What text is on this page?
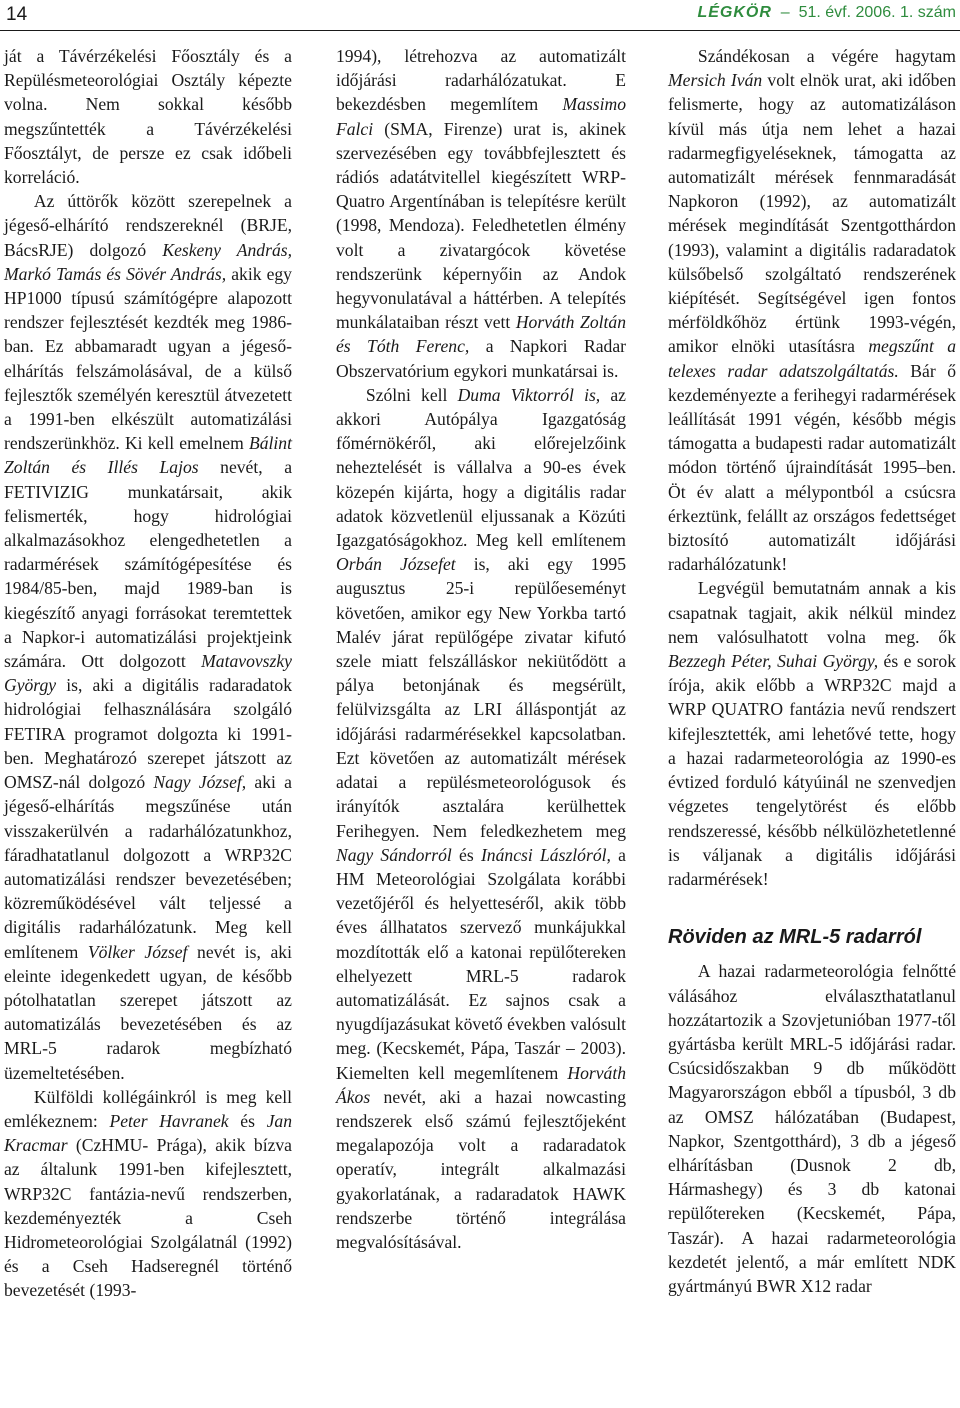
14	LÉGKÖR  –  51. évf. 2006. 1. szám

ját a Távérzékelési Főosztály és a Repülésmeteorológiai Osztály képezte volna. Nem sokkal később megszűntették a Távérzékelési Főosztályt, de persze ez csak időbeli korreláció.

Az úttörők között szerepelnek a jégeső-elhárító rendszereknél (BRJE, BácsRJE) dolgozó Keskeny András, Markó Tamás és Sövér András, akik egy HP1000 típusú számítógépre alapozott rendszer fejlesztését kezdték meg 1986-ban. Ez abbamaradt ugyan a jégeső-elhárítás felszámolásával, de a külső fejlesztők személyén keresztül átvezetett a 1991-ben elkészült automatizálási rendszerünkhöz. Ki kell emelnem Bálint Zoltán és Illés Lajos nevét, a FETIVIZIG munkatársait, akik felismerték, hogy hidrológiai alkalmazásokhoz elengedhetetlen a radarmérések számítógépesítése és 1984/85-ben, majd 1989-ban is kiegészítő anyagi forrásokat teremtettek a Napkor-i automatizálási projektjeink számára. Ott dolgozott Matavovszky György is, aki a digitális radaradatok hidrológiai felhasználására szolgáló FETIRA programot dolgozta ki 1991-ben. Meghatározó szerepet játszott az OMSZ-nál dolgozó Nagy József, aki a jégeső-elhárítás megszűnése után visszakerülvén a radarhálózatunkhoz, fáradhatatlanul dolgozott a WRP32C automatizálási rendszer bevezetésében; közreműködésével vált teljessé a digitális radarhálózatunk. Meg kell említenem Völker József nevét is, aki eleinte idegenkedett ugyan, de később pótolhatatlan szerepet játszott az automatizálás bevezetésében és az MRL-5 radarok megbízható üzemeltetésében.

Külföldi kollégáinkról is meg kell emlékeznem: Peter Havranek és Jan Kracmar (CzHMU- Prága), akik bízva az általunk 1991-ben kifejlesztett, WRP32C fantázia-nevű rendszerben, kezdeményezték a Cseh Hidrometeorológiai Szolgálatnál (1992) és a Cseh Hadseregnél történő bevezetését (1993-

1994), létrehozva az automatizált időjárási radarhálózatukat. E bekezdésben megemlítem Massimo Falci (SMA, Firenze) urat is, akinek szervezésében egy továbbfejlesztett és rádiós adatátvitellel kiegészített WRP-Quatro Argentínában is telepítésre került (1998, Mendoza). Feledhetetlen élmény volt a zivatargócok követése rendszerünk képernyőin az Andok hegyvonulatával a háttérben. A telepítés munkálataiban részt vett Horváth Zoltán és Tóth Ferenc, a Napkori Radar Obszervatórium egykori munkatársai is.

Szólni kell Duma Viktorról is, az akkori Autópálya Igazgatóság főmérnökéről, aki előrejelzőink neheztelését is vállalva a 90-es évek közepén kijárta, hogy a digitális radar adatok közvetlenül eljussanak a Közúti Igazgatóságokhoz. Meg kell említenem Orbán Józsefet is, aki egy 1995 augusztus 25-i repülőeseményt követően, amikor egy New Yorkba tartó Malév járat repülőgépe zivatar kifutó szele miatt felszálláskor nekiütődött a pálya betonjának és megsérült, felülvizsgálta az LRI álláspontját az időjárási radarmérésekkel kapcsolatban. Ezt követően az automatizált mérések adatai a repülésmeteorológusok és irányítók asztalára kerülhettek Ferihegyen. Nem feledkezhetem meg Nagy Sándorról és Ináncsi Lászlóról, a HM Meteorológiai Szolgálata korábbi vezetőjéről és helyetteséről, akik több éves állhatatos szervező munkájukkal mozdították elő a katonai repülőtereken elhelyezett MRL-5 radarok automatizálását. Ez sajnos csak a nyugdíjazásukat követő években valósult meg. (Kecskemét, Pápa, Taszár – 2003). Kiemelten kell megemlítenem Horváth Ákos nevét, aki a hazai nowcasting rendszerek első számú fejlesztőjeként megalapozója volt a radaradatok operatív, integrált alkalmazási gyakorlatának, a radaradatok HAWK rendszerbe történő integrálása megvalósításával.

Szándékosan a végére hagytam Mersich Iván volt elnök urat, aki időben felismerte, hogy az automatizáláson kívül más útja nem lehet a hazai radarmegfigyeléseknek, támogatta az automatizált mérések fennmaradását Napkoron (1992), az automatizált mérések megindítását Szentgotthárdon (1993), valamint a digitális radaradatok külsőbelső szolgáltató rendszerének kiépítését. Segítségével igen fontos mérföldkőhöz értünk 1993-végén, amikor elnöki utasításra megszűnt a telexes radar adatszolgáltatás. Bár ő kezdeményezte a ferihegyi radarmérések leállítását 1991 végén, később mégis támogatta a budapesti radar automatizált módon történő újraindítását 1995–ben. Öt év alatt a mélypontból a csúcsra érkeztünk, felállt az országos fedettséget biztosító automatizált időjárási radarhálózatunk!

Legvégül bemutatnám annak a kis csapatnak tagjait, akik nélkül mindez nem valósulhatott volna meg. ők Bezzegh Péter, Suhai György, és e sorok írója, akik előbb a WRP32C majd a WRP QUATRO fantázia nevű rendszert kifejlesztették, ami lehetővé tette, hogy a hazai radarmeteorológia az 1990-es évtized forduló kátyúinál ne szenvedjen végzetes tengelytörést és előbb rendszeressé, később nélkülözhetetlenné is váljanak a digitális időjárási radarmérések!

Röviden az MRL-5 radarról

A hazai radarmeteorológia felnőtté válásához elválaszthatatlanul hozzátartozik a Szovjetunióban 1977-től gyártásba került MRL-5 időjárási radar. Csúcsidőszakban 9 db működött Magyarországon ebből a típusból, 3 db az OMSZ hálózatában (Budapest, Napkor, Szentgotthárd), 3 db a jégeső elhárításban (Dusnok 2 db, Hármashegy) és 3 db katonai repülőtereken (Kecskemét, Pápa, Taszár). A hazai radarmeteorológia kezdetét jelentő, a már említett NDK gyártmányú BWR X12 radar
